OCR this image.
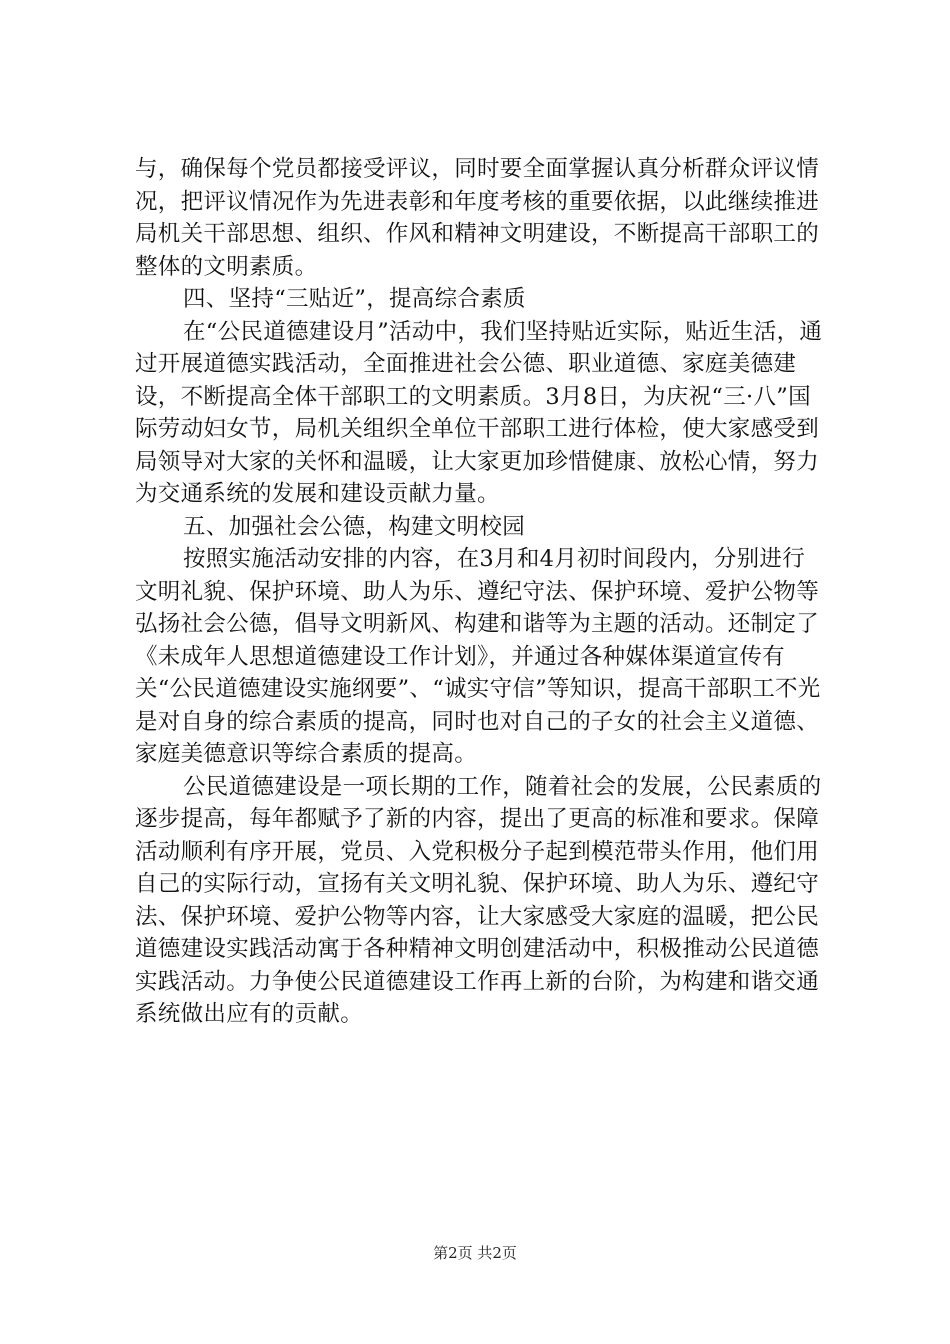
与，确保每个党员都接受评议，同时要全面掌握认真分析群众评议情况，把评议情况作为先进表彰和年度考核的重要依据，以此继续推进局机关干部思想、组织、作风和精神文明建设，不断提高干部职工的整体的文明素质。

四、坚持“三贴近”，提高综合素质

在“公民道德建设月”活动中，我们坚持贴近实际，贴近生活，通过开展道德实践活动，全面推进社会公德、职业道德、家庭美德建设，不断提高全体干部职工的文明素质。3月8日，为庆祝“三·八”国际劳动妇女节，局机关组织全单位干部职工进行体检，使大家感受到局领导对大家的关怀和温暖，让大家更加珍惜健康、放松心情，努力为交通系统的发展和建设贡献力量。

五、加强社会公德，构建文明校园

按照实施活动安排的内容，在3月和4月初时间段内，分别进行文明礼貌、保护环境、助人为乐、遵纪守法、保护环境、爱护公物等弘扬社会公德，倡导文明新风、构建和谐等为主题的活动。还制定了《未成年人思想道德建设工作计划》，并通过各种媒体渠道宣传有关“公民道德建设实施纲要”、“诚实守信”等知识，提高干部职工不光是对自身的综合素质的提高，同时也对自己的子女的社会主义道德、家庭美德意识等综合素质的提高。

公民道德建设是一项长期的工作，随着社会的发展，公民素质的逐步提高，每年都赋予了新的内容，提出了更高的标准和要求。保障活动顺利有序开展，党员、入党积极分子起到模范带头作用，他们用自己的实际行动，宣扬有关文明礼貌、保护环境、助人为乐、遵纪守法、保护环境、爱护公物等内容，让大家感受大家庭的温暖，把公民道德建设实践活动寓于各种精神文明创建活动中，积极推动公民道德实践活动。力争使公民道德建设工作再上新的台阶，为构建和谐交通系统做出应有的贡献。

第2页 共2页
